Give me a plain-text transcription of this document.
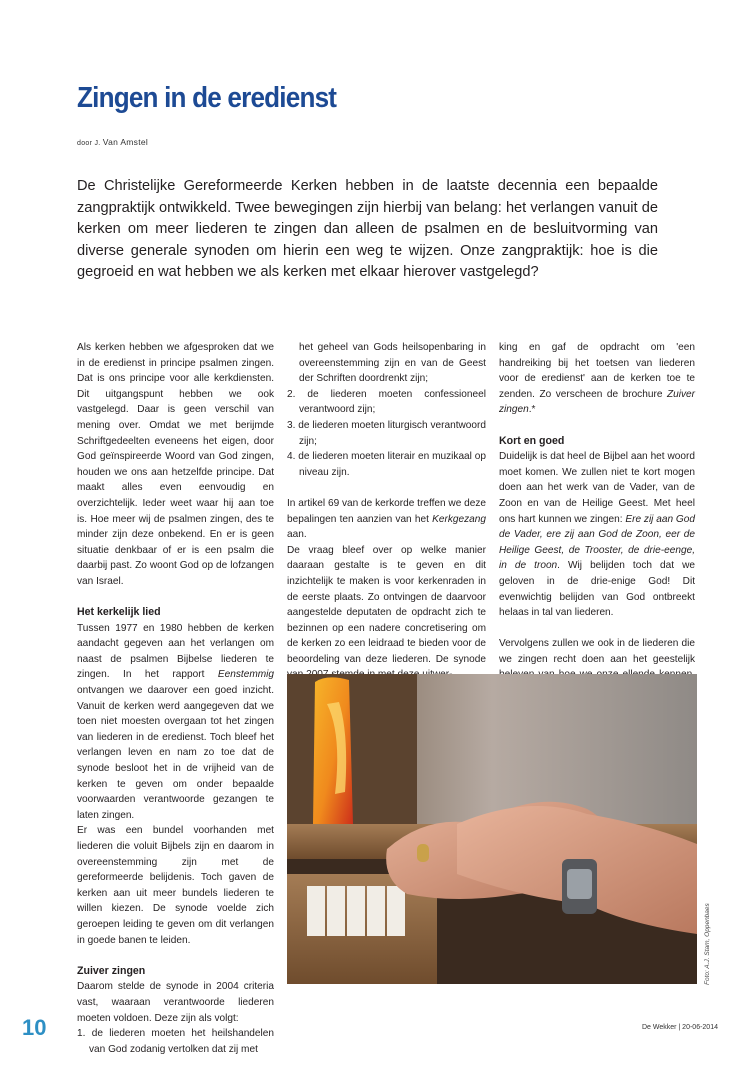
Zingen in de eredienst
door J. Van Amstel
De Christelijke Gereformeerde Kerken hebben in de laatste decennia een bepaalde zangpraktijk ontwikkeld. Twee bewegingen zijn hierbij van belang: het verlangen vanuit de kerken om meer liederen te zingen dan alleen de psalmen en de besluitvorming van diverse generale synoden om hierin een weg te wijzen. Onze zangpraktijk: hoe is die gegroeid en wat hebben we als kerken met elkaar hierover vastgelegd?

Als kerken hebben we afgesproken dat we in de eredienst in principe psalmen zingen. Dat is ons principe voor alle kerkdiensten. Dit uitgangspunt hebben we ook vastgelegd. Daar is geen verschil van mening over. Omdat we met berijmde Schriftgedeelten eveneens het eigen, door God geïnspireerde Woord van God zingen, houden we ons aan hetzelfde principe. Dat maakt alles even eenvoudig en overzichtelijk. Ieder weet waar hij aan toe is. Hoe meer wij de psalmen zingen, des te minder zijn deze onbekend. En er is geen situatie denkbaar of er is een psalm die daarbij past. Zo woont God op de lofzangen van Israel.

Het kerkelijk lied

Tussen 1977 en 1980 hebben de kerken aandacht gegeven aan het verlangen om naast de psalmen Bijbelse liederen te zingen. In het rapport Eenstemmig ontvangen we daarover een goed inzicht. Vanuit de kerken werd aangegeven dat we toen niet moesten overgaan tot het zingen van liederen in de eredienst. Toch bleef het verlangen leven en nam zo toe dat de synode besloot het in de vrijheid van de kerken te geven om onder bepaalde voorwaarden verantwoorde gezangen te laten zingen.

Er was een bundel voorhanden met liederen die voluit Bijbels zijn en daarom in overeenstemming zijn met de gereformeerde belijdenis. Toch gaven de kerken aan uit meer bundels liederen te willen kiezen. De synode voelde zich geroepen leiding te geven om dit verlangen in goede banen te leiden.

Zuiver zingen

Daarom stelde de synode in 2004 criteria vast, waaraan verantwoorde liederen moeten voldoen. Deze zijn als volgt:

1. de liederen moeten het heilshandelen van God zodanig vertolken dat zij met
het geheel van Gods heilsopenbaring in overeenstemming zijn en van de Geest der Schriften doordrenkt zijn;
2. de liederen moeten confessioneel verantwoord zijn;
3. de liederen moeten liturgisch verantwoord zijn;
4. de liederen moeten literair en muzikaal op niveau zijn.

In artikel 69 van de kerkorde treffen we deze bepalingen ten aanzien van het Kerkgezang aan.

De vraag bleef over op welke manier daaraan gestalte is te geven en dit inzichtelijk te maken is voor kerkenraden in de eerste plaats. Zo ontvingen de daarvoor aangestelde deputaten de opdracht zich te bezinnen op een nadere concretisering om de kerken zo een leidraad te bieden voor de beoordeling van deze liederen. De synode

king en gaf de opdracht om 'een handreiking bij het toetsen van liederen voor de eredienst' aan de kerken toe te zenden. Zo verscheen de brochure Zuiver zingen.*

Kort en goed

Duidelijk is dat heel de Bijbel aan het woord moet komen. We zullen niet te kort mogen doen aan het werk van de Vader, van de Zoon en van de Heilige Geest. Met heel ons hart kunnen we zingen: Ere zij aan God de Vader, ere zij aan God de Zoon, eer de Heilige Geest, de Trooster, de drie-eenge, in de troon. Wij belijden toch dat we geloven in de drie-enige God! Dit evenwichtig belijden van God ontbreekt helaas in tal van liederen.

Vervolgens zullen we ook in de liederen die we zingen recht doen aan het geestelijk

Foto: A.J. Stam, Oppenbaes
10	De Wekker | 20-06-2014
